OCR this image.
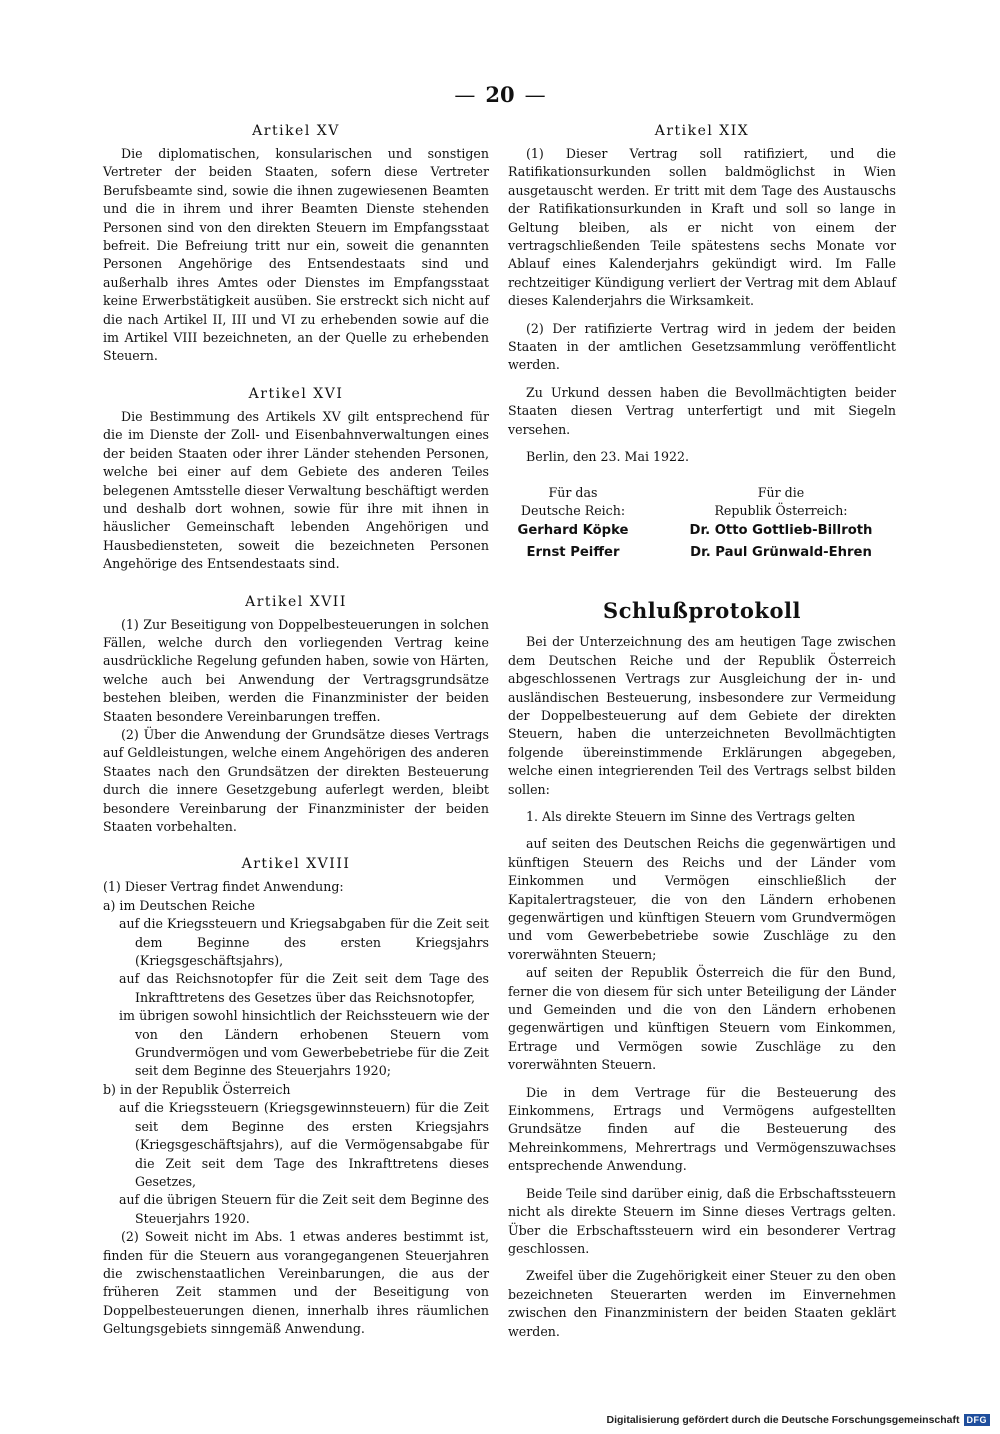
— 20 —
Artikel XV

Die diplomatischen, konsularischen und sonstigen Vertreter der beiden Staaten, sofern diese Vertreter Berufsbeamte sind, sowie die ihnen zugewiesenen Beamten und die in ihrem und ihrer Beamten Dienste stehenden Personen sind von den direkten Steuern im Empfangsstaat befreit. Die Befreiung tritt nur ein, soweit die genannten Personen Angehörige des Entsendestaats sind und außerhalb ihres Amtes oder Dienstes im Empfangsstaat keine Erwerbstätigkeit ausüben. Sie erstreckt sich nicht auf die nach Artikel II, III und VI zu erhebenden sowie auf die im Artikel VIII bezeichneten, an der Quelle zu erhebenden Steuern.

Artikel XVI

Die Bestimmung des Artikels XV gilt entsprechend für die im Dienste der Zoll- und Eisenbahnverwaltungen eines der beiden Staaten oder ihrer Länder stehenden Personen, welche bei einer auf dem Gebiete des anderen Teiles belegenen Amtsstelle dieser Verwaltung beschäftigt werden und deshalb dort wohnen, sowie für ihre mit ihnen in häuslicher Gemeinschaft lebenden Angehörigen und Hausbediensteten, soweit die bezeichneten Personen Angehörige des Entsendestaats sind.

Artikel XVII

(1) Zur Beseitigung von Doppelbesteuerungen in solchen Fällen, welche durch den vorliegenden Vertrag keine ausdrückliche Regelung gefunden haben, sowie von Härten, welche auch bei Anwendung der Vertragsgrundsätze bestehen bleiben, werden die Finanzminister der beiden Staaten besondere Vereinbarungen treffen.

(2) Über die Anwendung der Grundsätze dieses Vertrags auf Geldleistungen, welche einem Angehörigen des anderen Staates nach den Grundsätzen der direkten Besteuerung durch die innere Gesetzgebung auferlegt werden, bleibt besondere Vereinbarung der Finanzminister der beiden Staaten vorbehalten.

Artikel XVIII

(1) Dieser Vertrag findet Anwendung:

a) im Deutschen Reiche

auf die Kriegssteuern und Kriegsabgaben für die Zeit seit dem Beginne des ersten Kriegsjahrs (Kriegsgeschäftsjahrs),

auf das Reichsnotopfer für die Zeit seit dem Tage des Inkrafttretens des Gesetzes über das Reichsnotopfer,

im übrigen sowohl hinsichtlich der Reichssteuern wie der von den Ländern erhobenen Steuern vom Grundvermögen und vom Gewerbebetriebe für die Zeit seit dem Beginne des Steuerjahrs 1920;

b) in der Republik Österreich

auf die Kriegssteuern (Kriegsgewinnsteuern) für die Zeit seit dem Beginne des ersten Kriegsjahrs (Kriegsgeschäftsjahrs), auf die Vermögensabgabe für die Zeit seit dem Tage des Inkrafttretens dieses Gesetzes,

auf die übrigen Steuern für die Zeit seit dem Beginne des Steuerjahrs 1920.

(2) Soweit nicht im Abs. 1 etwas anderes bestimmt ist, finden für die Steuern aus vorangegangenen Steuerjahren die zwischenstaatlichen Vereinbarungen, die aus der früheren Zeit stammen und der Beseitigung von Doppelbesteuerungen dienen, innerhalb ihres räumlichen Geltungsgebiets sinngemäß Anwendung.

Artikel XIX

(1) Dieser Vertrag soll ratifiziert, und die Ratifikationsurkunden sollen baldmöglichst in Wien ausgetauscht werden. Er tritt mit dem Tage des Austauschs der Ratifikationsurkunden in Kraft und soll so lange in Geltung bleiben, als er nicht von einem der vertragschließenden Teile spätestens sechs Monate vor Ablauf eines Kalenderjahrs gekündigt wird. Im Falle rechtzeitiger Kündigung verliert der Vertrag mit dem Ablauf dieses Kalenderjahrs die Wirksamkeit.

(2) Der ratifizierte Vertrag wird in jedem der beiden Staaten in der amtlichen Gesetzsammlung veröffentlicht werden.

Zu Urkund dessen haben die Bevollmächtigten beider Staaten diesen Vertrag unterfertigt und mit Siegeln versehen.

Berlin, den 23. Mai 1922.

Für das
Deutsche Reich:
Gerhard Köpke
Ernst Peiffer
Für die
Republik Österreich:
Dr. Otto Gottlieb-Billroth
Dr. Paul Grünwald-Ehren
Schlußprotokoll

Bei der Unterzeichnung des am heutigen Tage zwischen dem Deutschen Reiche und der Republik Österreich abgeschlossenen Vertrags zur Ausgleichung der in- und ausländischen Besteuerung, insbesondere zur Vermeidung der Doppelbesteuerung auf dem Gebiete der direkten Steuern, haben die unterzeichneten Bevollmächtigten folgende übereinstimmende Erklärungen abgegeben, welche einen integrierenden Teil des Vertrags selbst bilden sollen:

1. Als direkte Steuern im Sinne des Vertrags gelten

auf seiten des Deutschen Reichs die gegenwärtigen und künftigen Steuern des Reichs und der Länder vom Einkommen und Vermögen einschließlich der Kapitalertragsteuer, die von den Ländern erhobenen gegenwärtigen und künftigen Steuern vom Grundvermögen und vom Gewerbebetriebe sowie Zuschläge zu den vorerwähnten Steuern;

auf seiten der Republik Österreich die für den Bund, ferner die von diesem für sich unter Beteiligung der Länder und Gemeinden und die von den Ländern erhobenen gegenwärtigen und künftigen Steuern vom Einkommen, Ertrage und Vermögen sowie Zuschläge zu den vorerwähnten Steuern.

Die in dem Vertrage für die Besteuerung des Einkommens, Ertrags und Vermögens aufgestellten Grundsätze finden auf die Besteuerung des Mehreinkommens, Mehrertrags und Vermögenszuwachses entsprechende Anwendung.

Beide Teile sind darüber einig, daß die Erbschaftssteuern nicht als direkte Steuern im Sinne dieses Vertrags gelten. Über die Erbschaftssteuern wird ein besonderer Vertrag geschlossen.

Zweifel über die Zugehörigkeit einer Steuer zu den oben bezeichneten Steuerarten werden im Einvernehmen zwischen den Finanzministern der beiden Staaten geklärt werden.

Digitalisierung gefördert durch die Deutsche Forschungsgemeinschaft DFG
